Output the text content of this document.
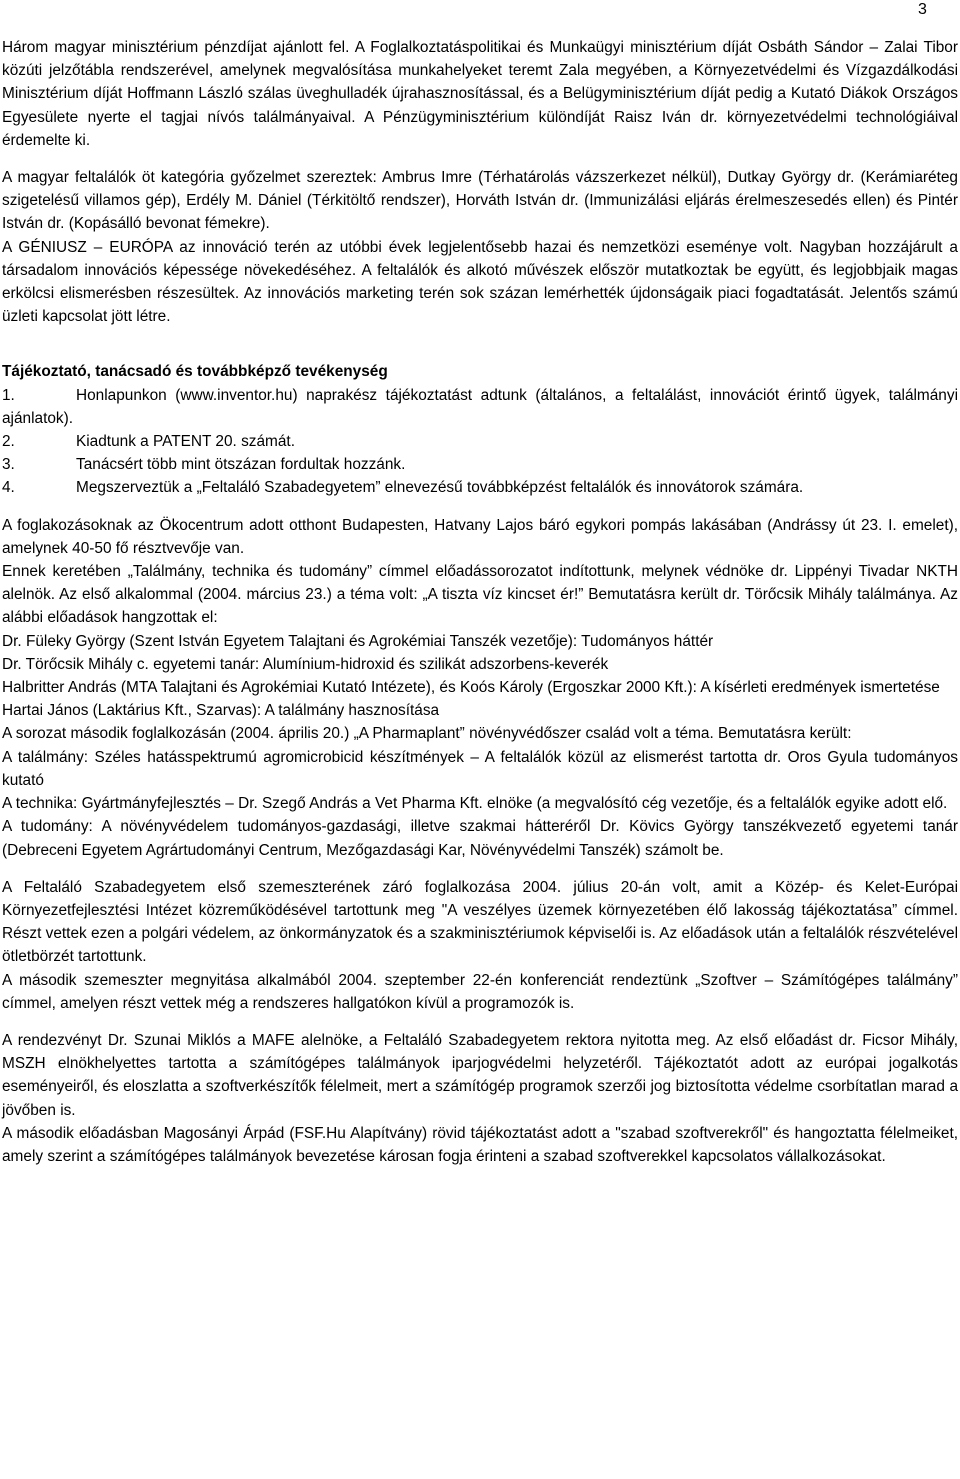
3

Három magyar minisztérium pénzdíjat ajánlott fel. A Foglalkoztatáspolitikai és Munkaügyi minisztérium díját Osbáth Sándor – Zalai Tibor közúti jelzőtábla rendszerével, amelynek megvalósítása munkahelyeket teremt Zala megyében, a Környezetvédelmi és Vízgazdálkodási Minisztérium díját Hoffmann László szálas üveghulladék újrahasznosítással, és a Belügyminisztérium díját pedig a Kutató Diákok Országos Egyesülete nyerte el tagjai nívós találmányaival. A Pénzügyminisztérium különdíját Raisz Iván dr. környezetvédelmi technológiáival érdemelte ki.

A magyar feltalálók öt kategória győzelmet szereztek: Ambrus Imre (Térhatárolás vázszerkezet nélkül), Dutkay György dr. (Kerámiaréteg szigetelésű villamos gép), Erdély M. Dániel (Térkitöltő rendszer), Horváth István dr. (Immunizálási eljárás érelmeszesedés ellen) és Pintér István dr. (Kopásálló bevonat fémekre).

A GÉNIUSZ – EURÓPA az innováció terén az utóbbi évek legjelentősebb hazai és nemzetközi eseménye volt. Nagyban hozzájárult a társadalom innovációs képessége növekedéséhez. A feltalálók és alkotó művészek először mutatkoztak be együtt, és legjobbjaik magas erkölcsi elismerésben részesültek. Az innovációs marketing terén sok százan lemérhették újdonságaik piaci fogadtatását. Jelentős számú üzleti kapcsolat jött létre.

Tájékoztató, tanácsadó és továbbképző tevékenység

1.	Honlapunkon (www.inventor.hu) naprakész tájékoztatást adtunk (általános, a feltalálást, innovációt érintő ügyek, találmányi ajánlatok).

2.	Kiadtunk a PATENT 20. számát.

3.	Tanácsért több mint ötszázan fordultak hozzánk.

4.	Megszerveztük a „Feltaláló Szabadegyetem” elnevezésű továbbképzést feltalálók és innovátorok számára.

A foglakozásoknak az Ökocentrum adott otthont Budapesten, Hatvany Lajos báró egykori pompás lakásában (Andrássy út 23. I. emelet), amelynek 40-50 fő résztvevője van.

Ennek keretében „Találmány, technika és tudomány” címmel előadássorozatot indítottunk, melynek védnöke dr. Lippényi Tivadar NKTH alelnök. Az első alkalommal (2004. március 23.) a téma volt: „A tiszta víz kincset ér!” Bemutatásra került dr. Törőcsik Mihály találmánya. Az alábbi előadások hangzottak el:

Dr. Füleky György (Szent István Egyetem Talajtani és Agrokémiai Tanszék vezetője): Tudományos háttér

Dr. Törőcsik Mihály c. egyetemi tanár: Alumínium-hidroxid és szilikát adszorbens-keverék

Halbritter András (MTA Talajtani és Agrokémiai Kutató Intézete), és Koós Károly (Ergoszkar 2000 Kft.): A kísérleti eredmények ismertetése

Hartai János (Laktárius Kft., Szarvas): A találmány hasznosítása

A sorozat második foglalkozásán (2004. április 20.) „A Pharmaplant” növényvédőszer család volt a téma. Bemutatásra került:

A találmány: Széles hatásspektrumú agromicrobicid készítmények – A feltalálók közül az elismerést tartotta dr. Oros Gyula tudományos kutató

A technika: Gyártmányfejlesztés – Dr. Szegő András a Vet Pharma Kft. elnöke (a megvalósító cég vezetője, és a feltalálók egyike adott elő.

A tudomány: A növényvédelem tudományos-gazdasági, illetve szakmai hátteréről Dr. Kövics György tanszékvezető egyetemi tanár (Debreceni Egyetem Agrártudományi Centrum, Mezőgazdasági Kar, Növényvédelmi Tanszék) számolt be.

A Feltaláló Szabadegyetem első szemeszterének záró foglalkozása 2004. július 20-án volt, amit a Közép- és Kelet-Európai Környezetfejlesztési Intézet közreműködésével tartottunk meg "A veszélyes üzemek környezetében élő lakosság tájékoztatása” címmel. Részt vettek ezen a polgári védelem, az önkormányzatok és a szakminisztériumok képviselői is. Az előadások után a feltalálók részvételével ötletbörzét tartottunk.

A második szemeszter megnyitása alkalmából 2004. szeptember 22-én konferenciát rendeztünk „Szoftver – Számítógépes találmány” címmel, amelyen részt vettek még a rendszeres hallgatókon kívül a programozók is.

A rendezvényt Dr. Szunai Miklós a MAFE alelnöke, a Feltaláló Szabadegyetem rektora nyitotta meg. Az első előadást dr. Ficsor Mihály, MSZH elnökhelyettes tartotta a számítógépes találmányok iparjogvédelmi helyzetéről. Tájékoztatót adott az európai jogalkotás eseményeiről, és eloszlatta a szoftverkészítők félelmeit, mert a számítógép programok szerzői jog biztosította védelme csorbítatlan marad a jövőben is.

A második előadásban Magosányi Árpád (FSF.Hu Alapítvány) rövid tájékoztatást adott a "szabad szoftverekről" és hangoztatta félelmeiket, amely szerint a számítógépes találmányok bevezetése károsan fogja érinteni a szabad szoftverekkel kapcsolatos vállalkozásokat.
